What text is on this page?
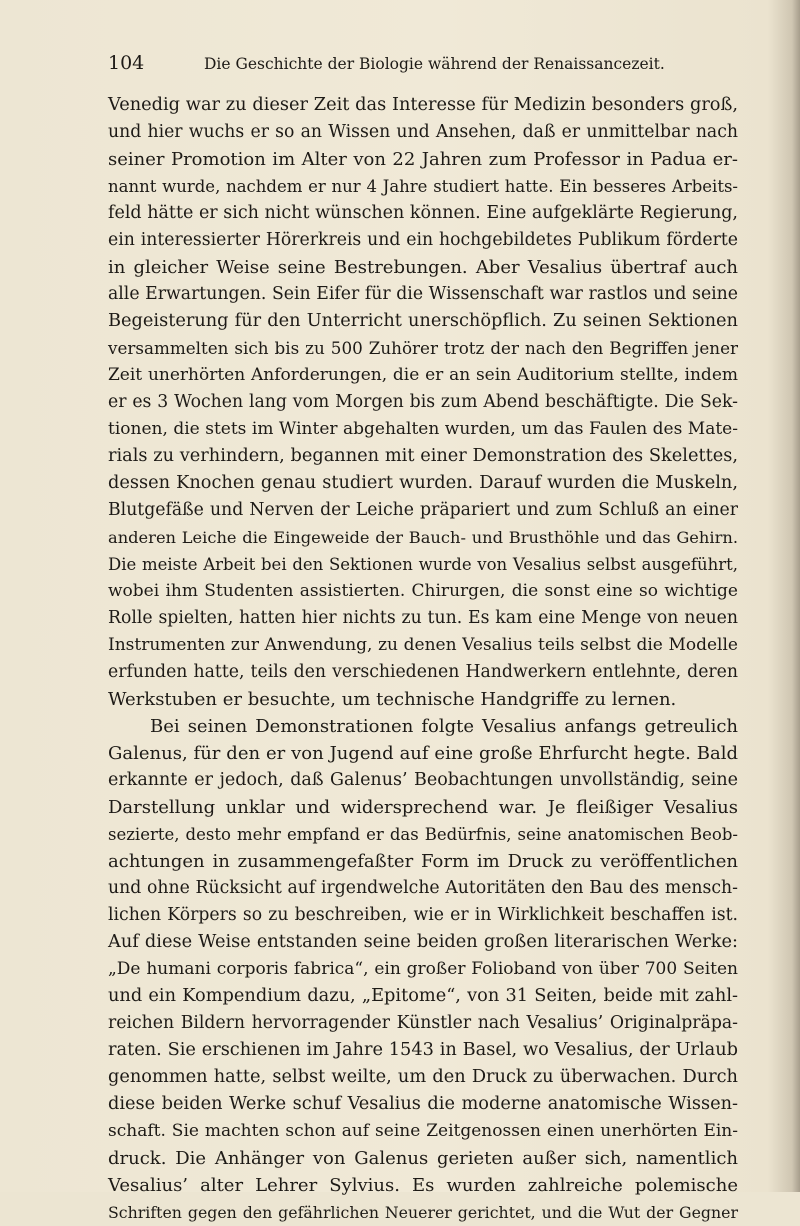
104	Die Geschichte der Biologie während der Renaissancezeit.
Venedig war zu dieser Zeit das Interesse für Medizin besonders groß,
und hier wuchs er so an Wissen und Ansehen, daß er unmittelbar nach
seiner Promotion im Alter von 22 Jahren zum Professor in Padua er-
nannt wurde, nachdem er nur 4 Jahre studiert hatte. Ein besseres Arbeits-
feld hätte er sich nicht wünschen können. Eine aufgeklärte Regierung,
ein interessierter Hörerkreis und ein hochgebildetes Publikum förderte
in gleicher Weise seine Bestrebungen. Aber Vesalius übertraf auch
alle Erwartungen. Sein Eifer für die Wissenschaft war rastlos und seine
Begeisterung für den Unterricht unerschöpflich. Zu seinen Sektionen
versammelten sich bis zu 500 Zuhörer trotz der nach den Begriffen jener
Zeit unerhörten Anforderungen, die er an sein Auditorium stellte, indem
er es 3 Wochen lang vom Morgen bis zum Abend beschäftigte. Die Sek-
tionen, die stets im Winter abgehalten wurden, um das Faulen des Mate-
rials zu verhindern, begannen mit einer Demonstration des Skelettes,
dessen Knochen genau studiert wurden. Darauf wurden die Muskeln,
Blutgefäße und Nerven der Leiche präpariert und zum Schluß an einer
anderen Leiche die Eingeweide der Bauch- und Brusthöhle und das Gehirn.
Die meiste Arbeit bei den Sektionen wurde von Vesalius selbst ausgeführt,
wobei ihm Studenten assistierten. Chirurgen, die sonst eine so wichtige
Rolle spielten, hatten hier nichts zu tun. Es kam eine Menge von neuen
Instrumenten zur Anwendung, zu denen Vesalius teils selbst die Modelle
erfunden hatte, teils den verschiedenen Handwerkern entlehnte, deren
Werkstuben er besuchte, um technische Handgriffe zu lernen.
Bei seinen Demonstrationen folgte Vesalius anfangs getreulich
Galenus, für den er von Jugend auf eine große Ehrfurcht hegte. Bald
erkannte er jedoch, daß Galenus’ Beobachtungen unvollständig, seine
Darstellung unklar und widersprechend war. Je fleißiger Vesalius
sezierte, desto mehr empfand er das Bedürfnis, seine anatomischen Beob-
achtungen in zusammengefaßter Form im Druck zu veröffentlichen
und ohne Rücksicht auf irgendwelche Autoritäten den Bau des mensch-
lichen Körpers so zu beschreiben, wie er in Wirklichkeit beschaffen ist.
Auf diese Weise entstanden seine beiden großen literarischen Werke:
„De humani corporis fabrica“, ein großer Folioband von über 700 Seiten
und ein Kompendium dazu, „Epitome“, von 31 Seiten, beide mit zahl-
reichen Bildern hervorragender Künstler nach Vesalius’ Originalpräpa-
raten. Sie erschienen im Jahre 1543 in Basel, wo Vesalius, der Urlaub
genommen hatte, selbst weilte, um den Druck zu überwachen. Durch
diese beiden Werke schuf Vesalius die moderne anatomische Wissen-
schaft. Sie machten schon auf seine Zeitgenossen einen unerhörten Ein-
druck. Die Anhänger von Galenus gerieten außer sich, namentlich
Vesalius’ alter Lehrer Sylvius. Es wurden zahlreiche polemische
Schriften gegen den gefährlichen Neuerer gerichtet, und die Wut der Gegner
